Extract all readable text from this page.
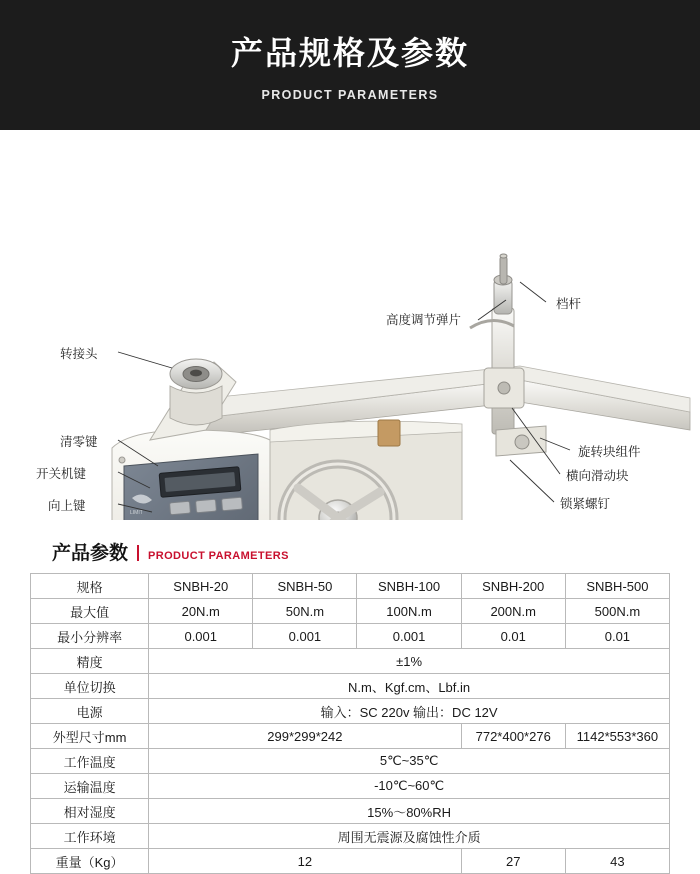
产品规格及参数
PRODUCT PARAMETERS
LIMIT
转接头
清零键
开关机键
向上键
高度调节弹片
档杆
旋转块组件
横向滑动块
锁紧螺钉
产品参数 PRODUCT PARAMETERS
规格	SNBH-20	SNBH-50	SNBH-100	SNBH-200	SNBH-500
最大值	20N.m	50N.m	100N.m	200N.m	500N.m
最小分辨率	0.001	0.001	0.001	0.01	0.01
精度	±1%				
单位切换	N.m、Kgf.cm、Lbf.in				
电源	输入：SC 220v 输出：DC 12V				
外型尺寸mm	299*299*242			772*400*276	1142*553*360
工作温度	5℃~35℃				
运输温度	-10℃~60℃				
相对湿度	15%～80%RH				
工作环境	周围无震源及腐蚀性介质				
重量（Kg）	12			27	43
